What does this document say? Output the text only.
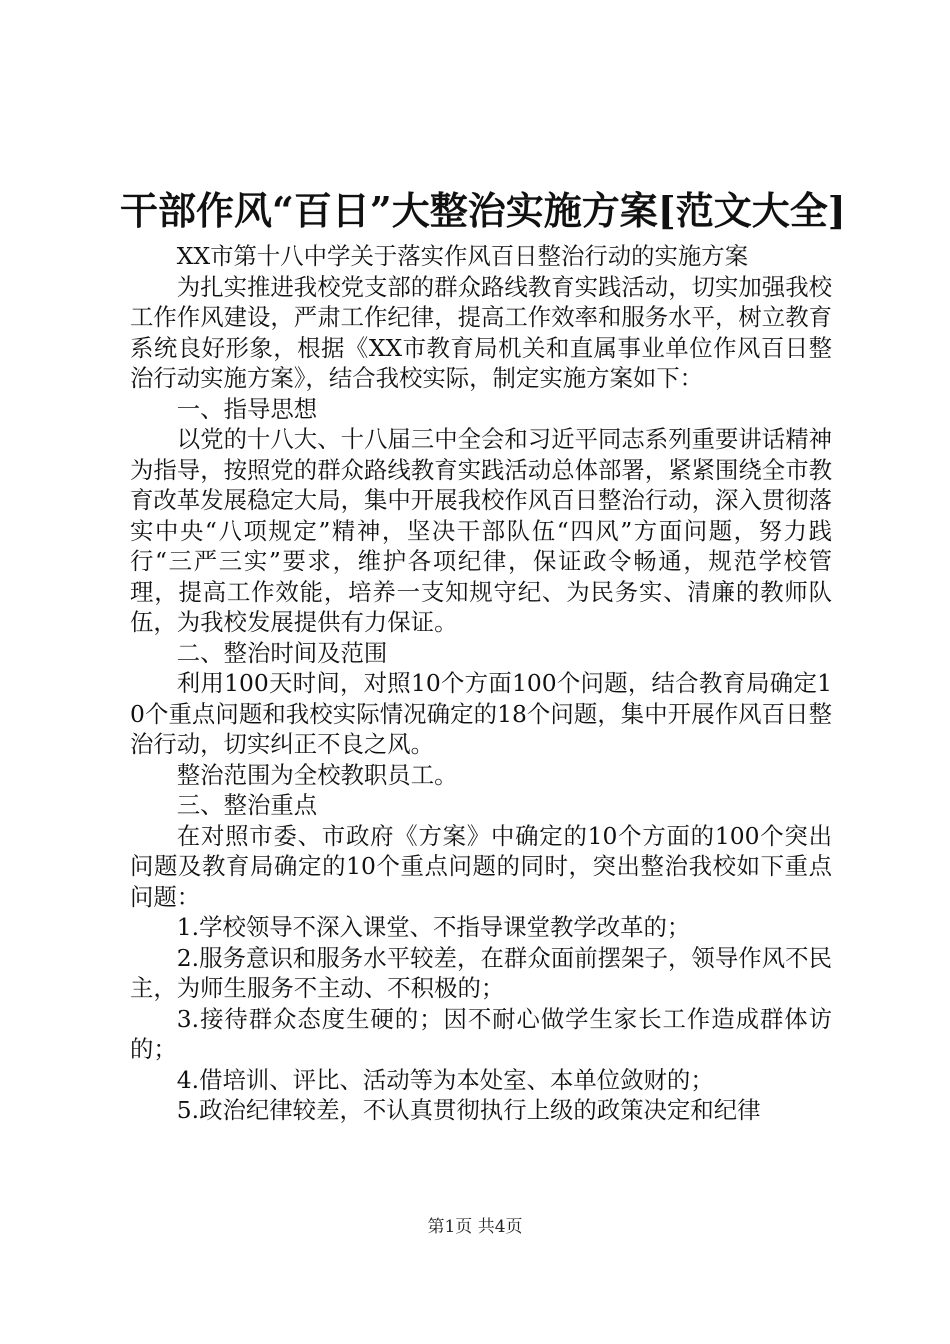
干部作风“百日”大整治实施方案[范文大全]

XX市第十八中学关于落实作风百日整治行动的实施方案

为扎实推进我校党支部的群众路线教育实践活动，切实加强我校工作作风建设，严肃工作纪律，提高工作效率和服务水平，树立教育系统良好形象，根据《XX市教育局机关和直属事业单位作风百日整治行动实施方案》，结合我校实际，制定实施方案如下：

一、指导思想

以党的十八大、十八届三中全会和习近平同志系列重要讲话精神为指导，按照党的群众路线教育实践活动总体部署，紧紧围绕全市教育改革发展稳定大局，集中开展我校作风百日整治行动，深入贯彻落实中央“八项规定”精神，坚决干部队伍“四风”方面问题，努力践行“三严三实”要求，维护各项纪律，保证政令畅通，规范学校管理，提高工作效能，培养一支知规守纪、为民务实、清廉的教师队伍，为我校发展提供有力保证。

二、整治时间及范围

利用100天时间，对照10个方面100个问题，结合教育局确定10个重点问题和我校实际情况确定的18个问题，集中开展作风百日整治行动，切实纠正不良之风。

整治范围为全校教职员工。

三、整治重点

在对照市委、市政府《方案》中确定的10个方面的100个突出问题及教育局确定的10个重点问题的同时，突出整治我校如下重点问题：

1.学校领导不深入课堂、不指导课堂教学改革的；

2.服务意识和服务水平较差，在群众面前摆架子，领导作风不民主，为师生服务不主动、不积极的；

3.接待群众态度生硬的；因不耐心做学生家长工作造成群体访的；

4.借培训、评比、活动等为本处室、本单位敛财的；

5.政治纪律较差，不认真贯彻执行上级的政策决定和纪律

第1页 共4页
